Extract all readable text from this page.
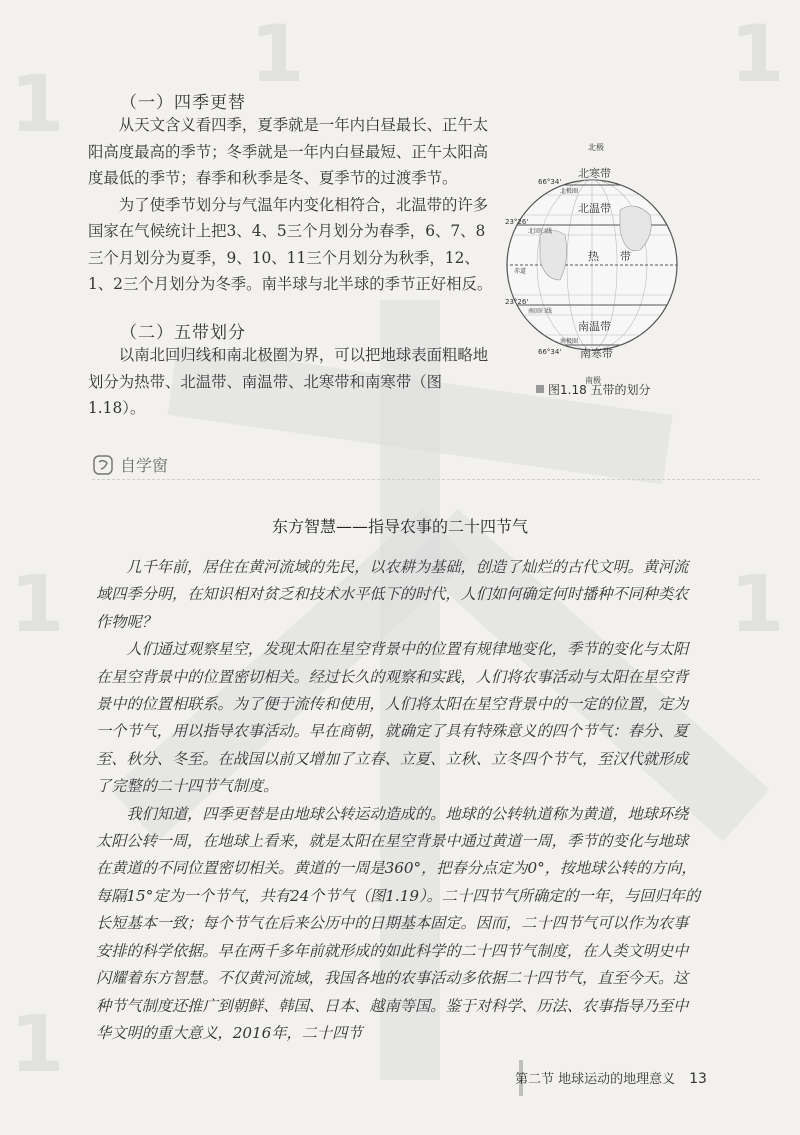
1
1
1
1	1
1
（一）四季更替

从天文含义看四季，夏季就是一年内白昼最长、正午太阳高度最高的季节；冬季就是一年内白昼最短、正午太阳高度最低的季节；春季和秋季是冬、夏季节的过渡季节。

为了使季节划分与气温年内变化相符合，北温带的许多国家在气候统计上把3、4、5三个月划分为春季，6、7、8三个月划分为夏季，9、10、11三个月划分为秋季，12、1、2三个月划分为冬季。南半球与北半球的季节正好相反。

（二）五带划分

以南北回归线和南北极圈为界，可以把地球表面粗略地划分为热带、北温带、南温带、北寒带和南寒带（图1.18）。

北极
南极
北寒带
北温带
热 带
南温带
南寒带
66°34'
23°26'
23°26'
66°34'
北极圈
北回归线
赤道
南回归线
南极圈
图1.18 五带的划分
自学窗
东方智慧——指导农事的二十四节气

几千年前，居住在黄河流域的先民，以农耕为基础，创造了灿烂的古代文明。黄河流域四季分明，在知识相对贫乏和技术水平低下的时代，人们如何确定何时播种不同种类农作物呢？

人们通过观察星空，发现太阳在星空背景中的位置有规律地变化，季节的变化与太阳在星空背景中的位置密切相关。经过长久的观察和实践，人们将农事活动与太阳在星空背景中的位置相联系。为了便于流传和使用，人们将太阳在星空背景中的一定的位置，定为一个节气，用以指导农事活动。早在商朝，就确定了具有特殊意义的四个节气：春分、夏至、秋分、冬至。在战国以前又增加了立春、立夏、立秋、立冬四个节气，至汉代就形成了完整的二十四节气制度。

我们知道，四季更替是由地球公转运动造成的。地球的公转轨道称为黄道，地球环绕太阳公转一周，在地球上看来，就是太阳在星空背景中通过黄道一周，季节的变化与地球在黄道的不同位置密切相关。黄道的一周是360°，把春分点定为0°，按地球公转的方向，每隔15°定为一个节气，共有24个节气（图1.19）。二十四节气所确定的一年，与回归年的长短基本一致；每个节气在后来公历中的日期基本固定。因而，二十四节气可以作为农事安排的科学依据。早在两千多年前就形成的如此科学的二十四节气制度，在人类文明史中闪耀着东方智慧。不仅黄河流域，我国各地的农事活动多依据二十四节气，直至今天。这种节气制度还推广到朝鲜、韩国、日本、越南等国。鉴于对科学、历法、农事指导乃至中华文明的重大意义，2016年，二十四节

第二节 地球运动的地理意义 13
